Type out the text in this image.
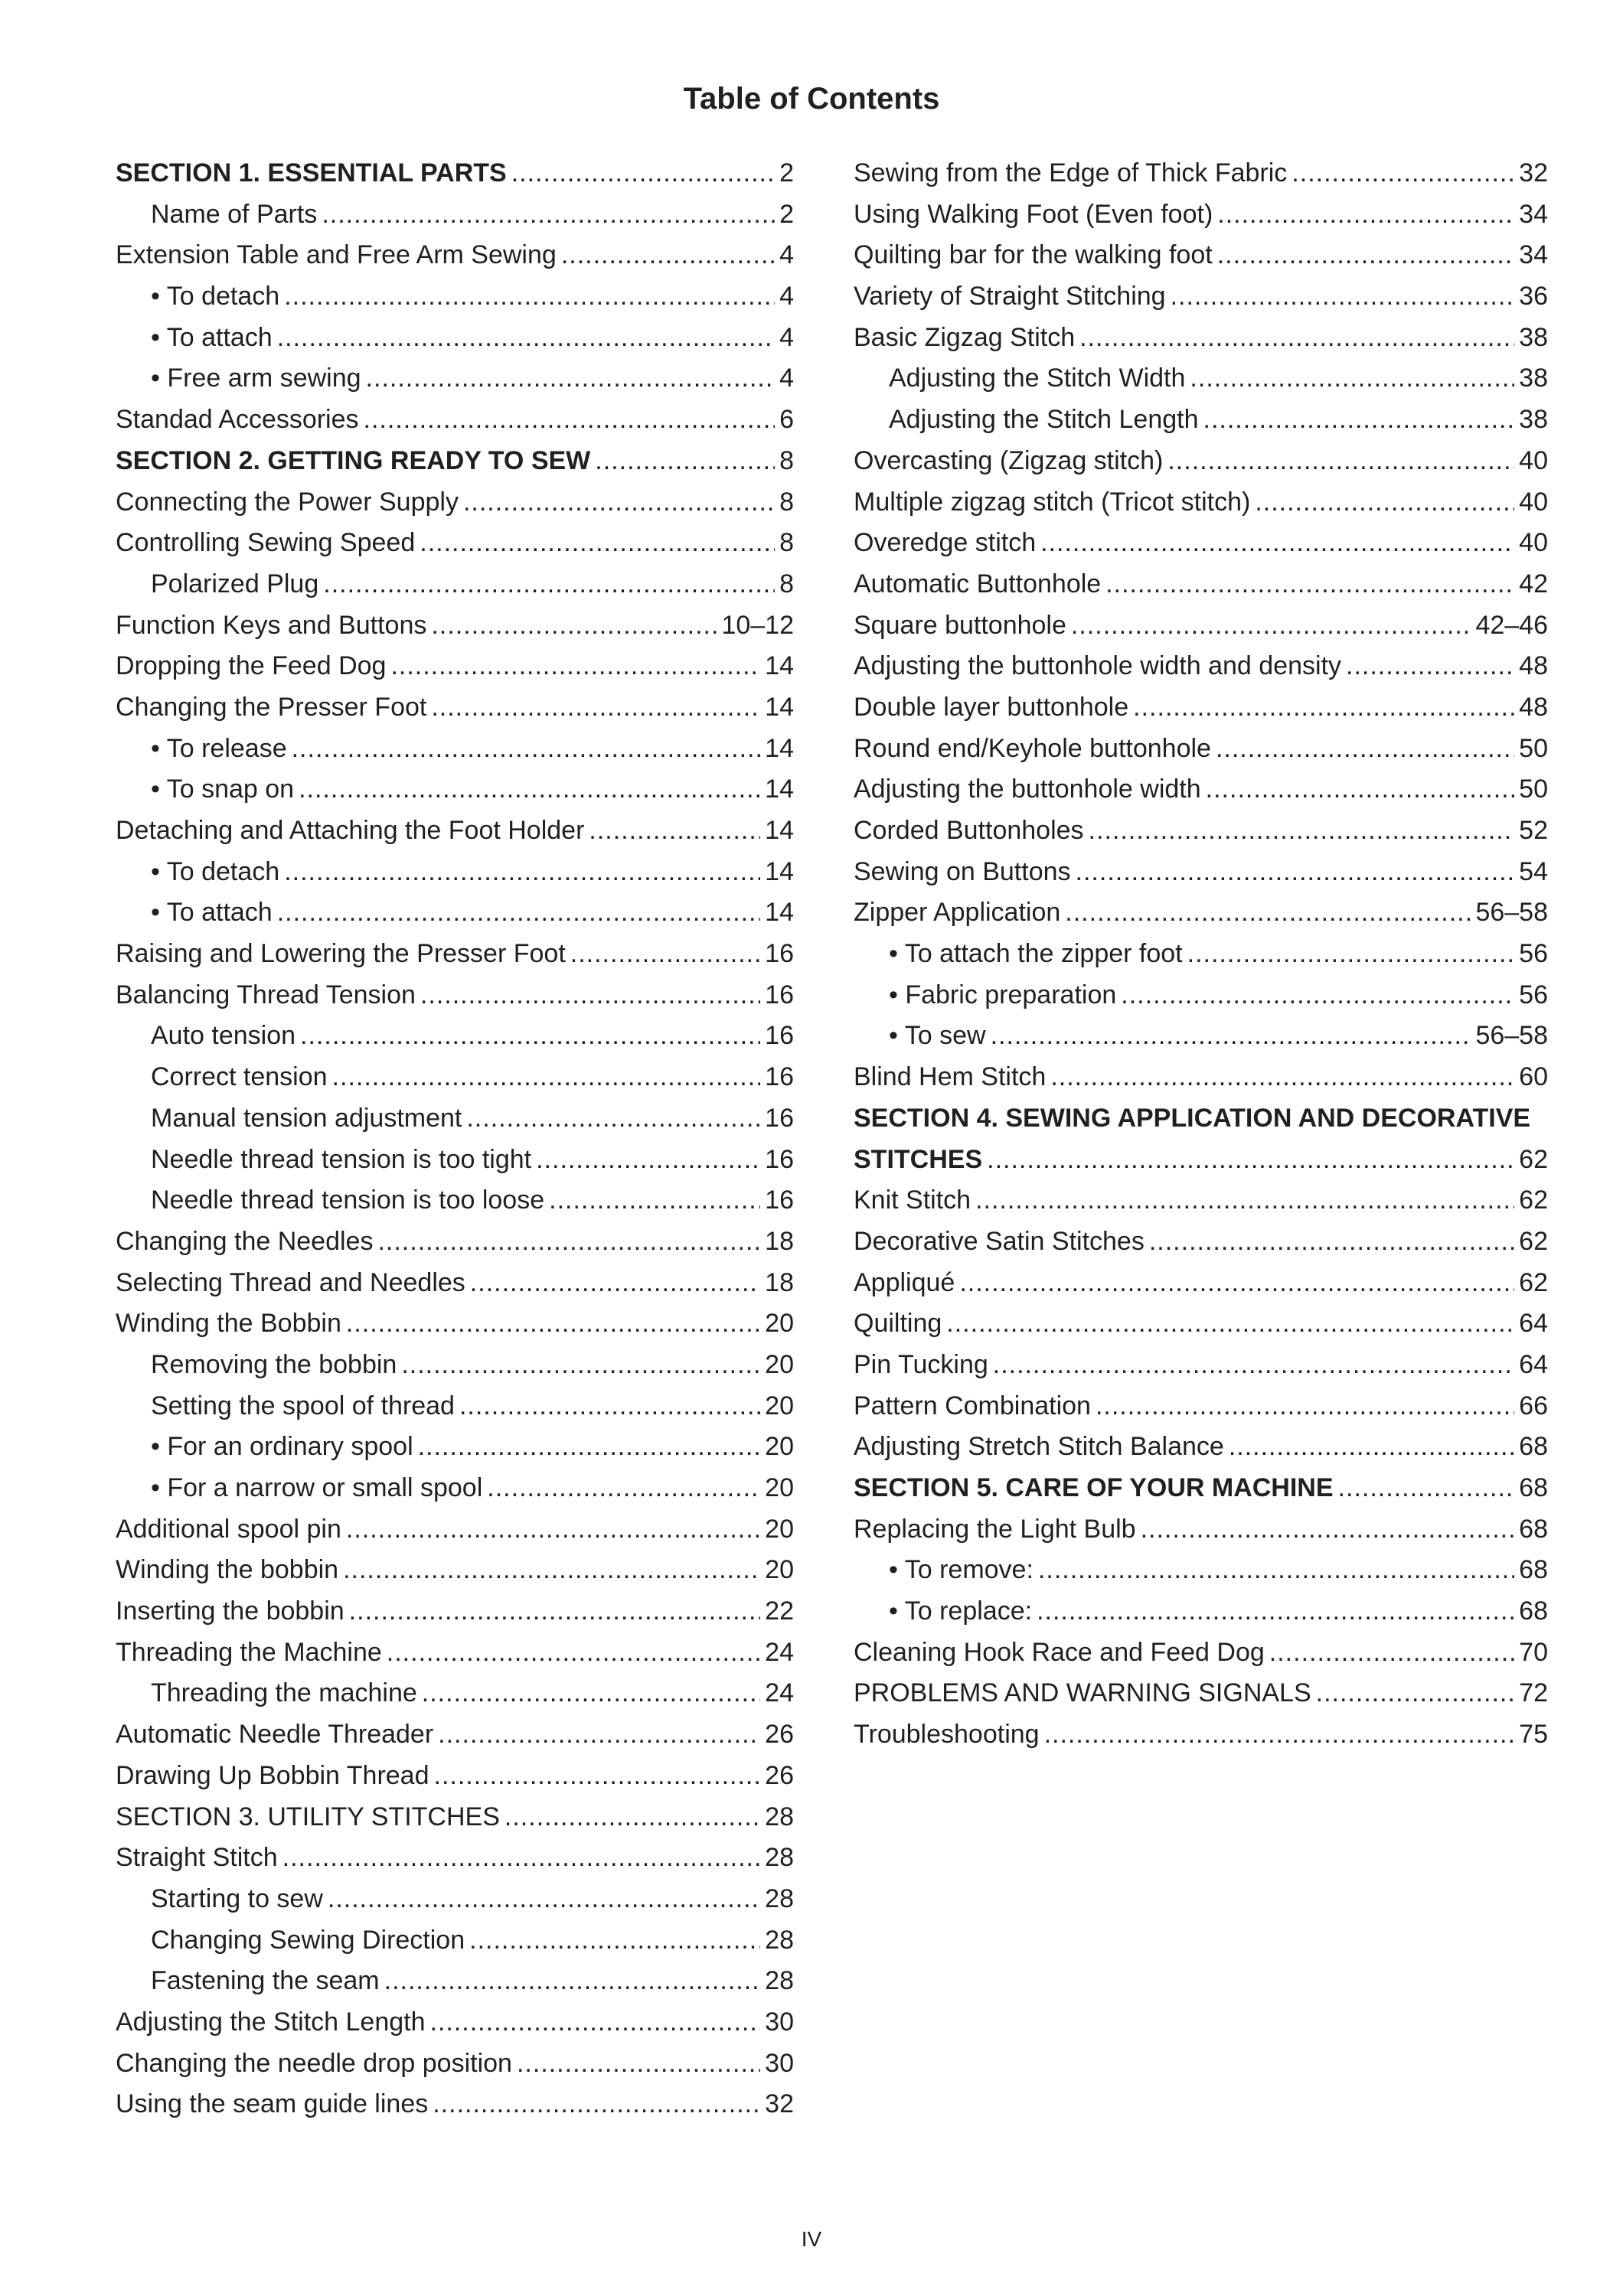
Table of Contents
SECTION 1. ESSENTIAL PARTS .....	2
Name of Parts .....	2
Extension Table and Free Arm Sewing .....	4
• To detach .....	4
• To attach .....	4
• Free arm sewing .....	4
Standad Accessories .....	6
SECTION 2. GETTING READY TO SEW .....	8
Connecting the Power Supply .....	8
Controlling Sewing Speed .....	8
Polarized Plug .....	8
Function Keys and Buttons .....	10–12
Dropping the Feed Dog .....	14
Changing the Presser Foot .....	14
• To release .....	14
• To snap on .....	14
Detaching and Attaching the Foot Holder .....	14
• To detach .....	14
• To attach .....	14
Raising and Lowering the Presser Foot .....	16
Balancing Thread Tension .....	16
Auto tension .....	16
Correct tension .....	16
Manual tension adjustment .....	16
Needle thread tension is too tight .....	16
Needle thread tension is too loose .....	16
Changing the Needles .....	18
Selecting Thread and Needles .....	18
Winding the Bobbin .....	20
Removing the bobbin .....	20
Setting the spool of thread .....	20
• For an ordinary spool .....	20
• For a narrow or small spool .....	20
Additional spool pin .....	20
Winding the bobbin .....	20
Inserting the bobbin .....	22
Threading the Machine .....	24
Threading the machine .....	24
Automatic Needle Threader .....	26
Drawing Up Bobbin Thread .....	26
SECTION 3. UTILITY STITCHES .....	28
Straight Stitch .....	28
Starting to sew .....	28
Changing Sewing Direction .....	28
Fastening the seam .....	28
Adjusting the Stitch Length .....	30
Changing the needle drop position .....	30
Using the seam guide lines .....	32
Sewing from the Edge of Thick Fabric .....	32
Using Walking Foot (Even foot) .....	34
Quilting bar for the walking foot .....	34
Variety of Straight Stitching .....	36
Basic Zigzag Stitch .....	38
Adjusting the Stitch Width .....	38
Adjusting the Stitch Length .....	38
Overcasting (Zigzag stitch) .....	40
Multiple zigzag stitch (Tricot stitch) .....	40
Overedge stitch .....	40
Automatic Buttonhole .....	42
Square buttonhole .....	42–46
Adjusting the buttonhole width and density .....	48
Double layer buttonhole .....	48
Round end/Keyhole buttonhole .....	50
Adjusting the buttonhole width .....	50
Corded Buttonholes .....	52
Sewing on Buttons .....	54
Zipper Application .....	56–58
• To attach the zipper foot .....	56
• Fabric preparation .....	56
• To sew .....	56–58
Blind Hem Stitch .....	60
SECTION 4. SEWING APPLICATION AND DECORATIVE
STITCHES .....	62
Knit Stitch .....	62
Decorative Satin Stitches .....	62
Appliqué .....	62
Quilting .....	64
Pin Tucking .....	64
Pattern Combination .....	66
Adjusting Stretch Stitch Balance .....	68
SECTION 5. CARE OF YOUR MACHINE .....	68
Replacing the Light Bulb .....	68
• To remove: .....	68
• To replace: .....	68
Cleaning Hook Race and Feed Dog .....	70
PROBLEMS AND WARNING SIGNALS .....	72
Troubleshooting .....	75
IV
